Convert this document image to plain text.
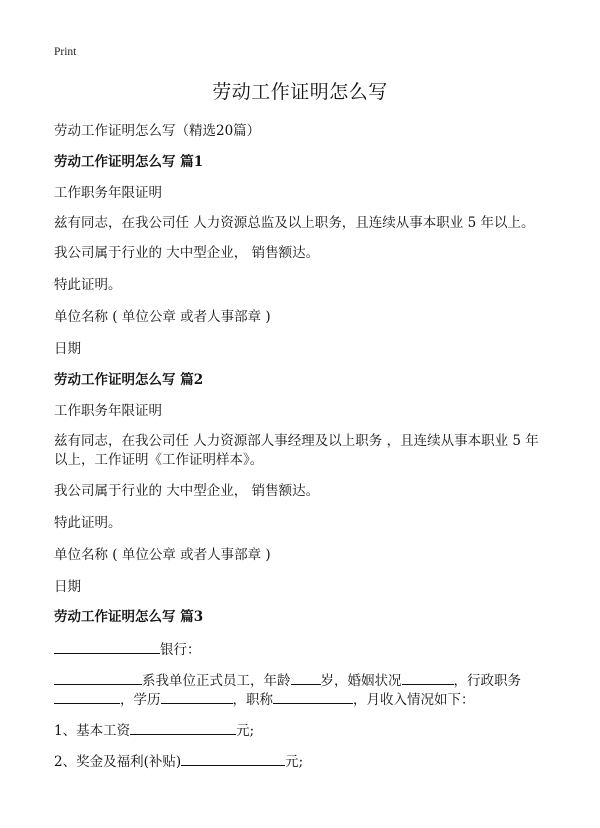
Print
劳动工作证明怎么写
劳动工作证明怎么写（精选20篇）
劳动工作证明怎么写 篇1
工作职务年限证明
兹有同志，在我公司任 人力资源总监及以上职务，且连续从事本职业 5 年以上。
我公司属于行业的 大中型企业， 销售额达。
特此证明。
单位名称 ( 单位公章 或者人事部章 )
日期
劳动工作证明怎么写 篇2
工作职务年限证明
兹有同志，在我公司任 人力资源部人事经理及以上职务 ，且连续从事本职业 5 年
以上，工作证明《工作证明样本》。
我公司属于行业的 大中型企业， 销售额达。
特此证明。
单位名称 ( 单位公章 或者人事部章 )
日期
劳动工作证明怎么写 篇3
银行：
系我单位正式员工，年龄 岁，婚姻状况	，行政职务
，学历	，职称	，月收入情况如下：
1、基本工资	元;
2、奖金及福利(补贴)	元;
